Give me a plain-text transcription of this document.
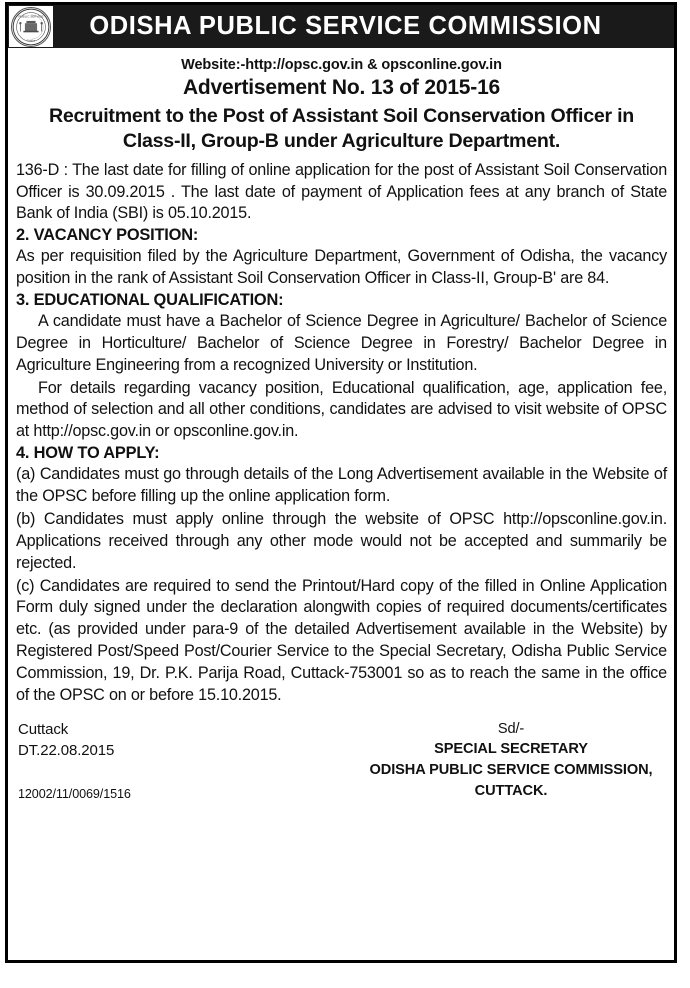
PUBLIC SERVICE
Odisha
ODISHA PUBLIC SERVICE COMMISSION
Website:-http://opsc.gov.in & opsconline.gov.in
Advertisement No. 13 of 2015-16
Recruitment to the Post of Assistant Soil Conservation Officer in Class-II, Group-B under Agriculture Department.

136-D : The last date for filling of online application for the post of Assistant Soil Conservation Officer is 30.09.2015 . The last date of payment of Application fees at any branch of State Bank of India (SBI) is 05.10.2015.

2. VACANCY POSITION:

As per requisition filed by the Agriculture Department, Government of Odisha, the vacancy position in the rank of Assistant Soil Conservation Officer in Class-II, Group-B' are 84.

3. EDUCATIONAL QUALIFICATION:

A candidate must have a Bachelor of Science Degree in Agriculture/ Bachelor of Science Degree in Horticulture/ Bachelor of Science Degree in Forestry/ Bachelor Degree in Agriculture Engineering from a recognized University or Institution.

For details regarding vacancy position, Educational qualification, age, application fee, method of selection and all other conditions, candidates are advised to visit website of OPSC at http://opsc.gov.in or opsconline.gov.in.

4. HOW TO APPLY:

(a) Candidates must go through details of the Long Advertisement available in the Website of the OPSC before filling up the online application form.

(b) Candidates must apply online through the website of OPSC http://opsconline.gov.in. Applications received through any other mode would not be accepted and summarily be rejected.

(c) Candidates are required to send the Printout/Hard copy of the filled in Online Application Form duly signed under the declaration alongwith copies of required documents/certificates etc. (as provided under para-9 of the detailed Advertisement available in the Website) by Registered Post/Speed Post/Courier Service to the Special Secretary, Odisha Public Service Commission, 19, Dr. P.K. Parija Road, Cuttack-753001 so as to reach the same in the office of the OPSC on or before 15.10.2015.

Cuttack
DT.22.08.2015
12002/11/0069/1516
Sd/-
SPECIAL SECRETARY
ODISHA PUBLIC SERVICE COMMISSION,
CUTTACK.
